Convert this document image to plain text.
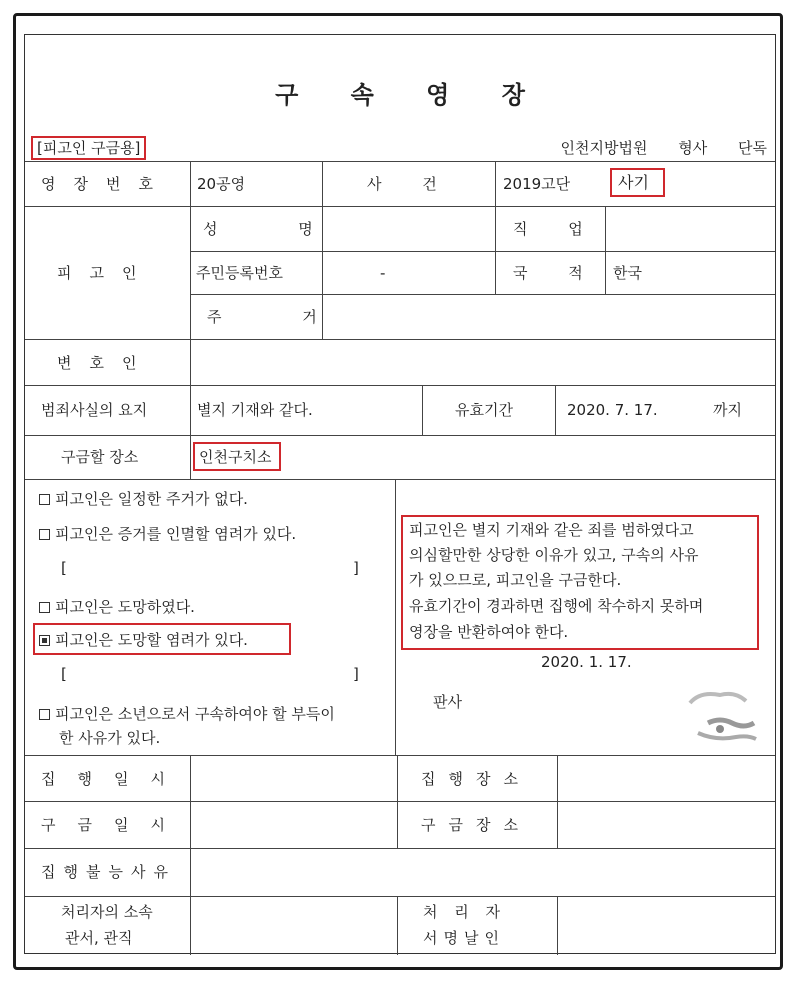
구 속 영 장
[피고인 구금용]	인천지방법원 형사 단독
영장번호 20공영	사 건	2019고단	사기
피고인
성 명	직 업
주민등록번호	-	국 적 한국
주 거
변호인
범죄사실의 요지	별지 기재와 같다.	유효기간	2020. 7. 17.	까지
구금할 장소	인천구치소
피고인은 일정한 주거가 없다.
피고인은 증거를 인멸할 염려가 있다.
[	]
피고인은 도망하였다.
피고인은 도망할 염려가 있다.
[	]
피고인은 소년으로서 구속하여야 할 부득이
한 사유가 있다.
피고인은 별지 기재와 같은 죄를 범하였다고
의심할만한 상당한 이유가 있고, 구속의 사유
가 있으므로, 피고인을 구금한다.
유효기간이 경과하면 집행에 착수하지 못하며
영장을 반환하여야 한다.
2020. 1. 17.
판사
집행일시	집행장소
구금일시	구금장소
집행불능사유
처리자의 소속
관서, 관직
처 리 자
서명날인
